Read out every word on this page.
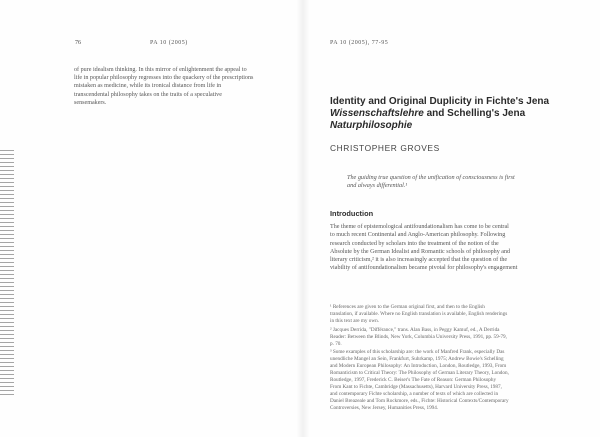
76	PA 10 (2005)
of pure idealism thinking. In this mirror of enlightenment the appeal to
life in popular philosophy regresses into the quackery of the prescriptions
mistaken as medicine, while its ironical distance from life in
transcendental philosophy takes on the traits of a speculative
sensemakers.
PA 10 (2005), 77-95
Identity and Original Duplicity in Fichte's Jena
Wissenschaftslehre and Schelling's Jena
Naturphilosophie
CHRISTOPHER GROVES
The guiding true question of the unification of consciousness is first
and always differential.¹
Introduction
The theme of epistemological antifoundationalism has come to be central
to much recent Continental and Anglo-American philosophy. Following
research conducted by scholars into the treatment of the notion of the
Absolute by the German Idealist and Romantic schools of philosophy and
literary criticism,² it is also increasingly accepted that the question of the
viability of antifoundationalism became pivotal for philosophy's engagement
¹ References are given to the German original first, and then to the English
translation, if available. Where no English translation is available, English renderings
in this text are my own.
² Jacques Derrida, "Différance," trans. Alan Bass, in Peggy Kamuf, ed., A Derrida
Reader: Between the Blinds, New York, Columbia University Press, 1991, pp. 59-79,
p. 70.
³ Some examples of this scholarship are: the work of Manfred Frank, especially Das
unendliche Mangel an Sein, Frankfurt, Suhrkamp, 1975; Andrew Bowie's Schelling
and Modern European Philosophy: An Introduction, London, Routledge, 1993, From
Romanticism to Critical Theory: The Philosophy of German Literary Theory, London,
Routledge, 1997, Frederick C. Beiser's The Fate of Reason: German Philosophy
From Kant to Fichte, Cambridge (Massachusetts), Harvard University Press, 1987,
and contemporary Fichte scholarship, a number of texts of which are collected in
Daniel Breazeale and Tom Rockmore, eds., Fichte: Historical Contexts/Contemporary
Controversies, New Jersey, Humanities Press, 1994.
